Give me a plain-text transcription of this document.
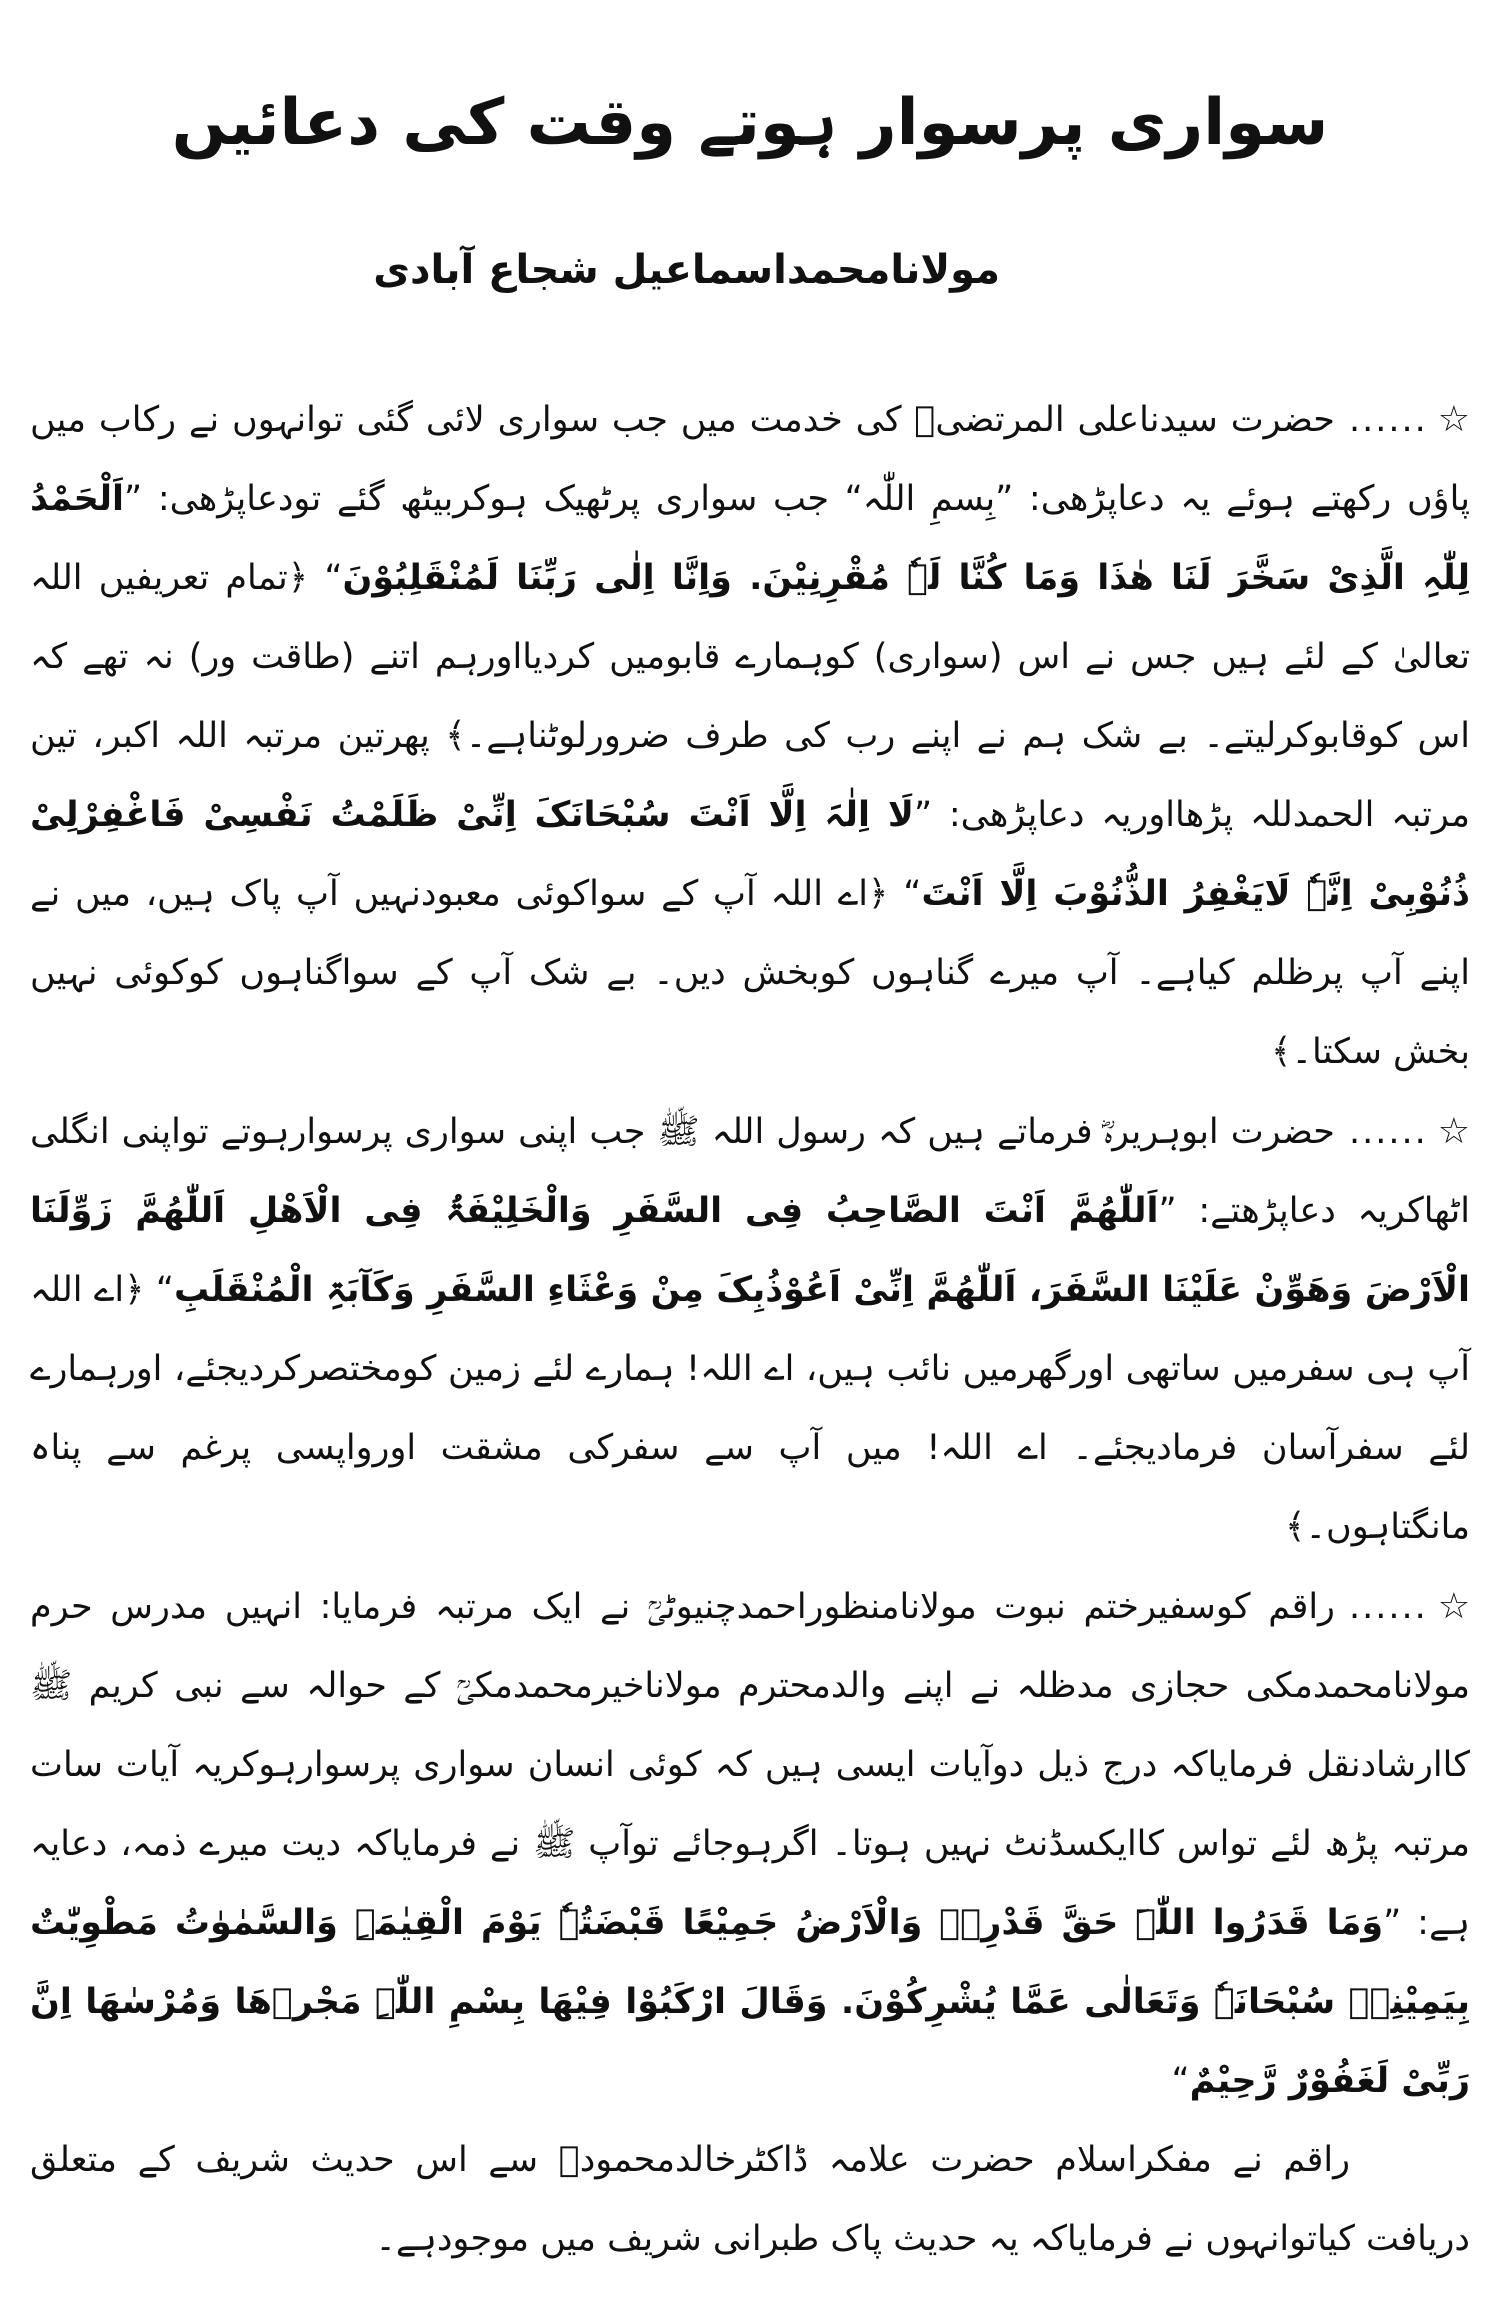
سواری پرسوار ہوتے وقت کی دعائیں
مولانامحمداسماعیل شجاع آبادی

☆......حضرت سیدناعلی المرتضیؓ کی خدمت میں جب سواری لائی گئی توانہوں نے رکاب میں پاؤں رکھتے ہوئے یہ دعاپڑھی: ”بِسمِ اللّٰہ“ جب سواری پرٹھیک ہوکربیٹھ گئے تودعاپڑھی: ”اَلْحَمْدُ لِلّٰہِ الَّذِیْ سَخَّرَ لَنَا ھٰذَا وَمَا کُنَّا لَہٗ مُقْرِنِیْنَ. وَاِنَّا اِلٰی رَبِّنَا لَمُنْقَلِبُوْنَ“ ﴿تمام تعریفیں اللہ تعالیٰ کے لئے ہیں جس نے اس (سواری) کوہمارے قابومیں کردیااورہم اتنے (طاقت ور) نہ تھے کہ اس کوقابوکرلیتے۔ بے شک ہم نے اپنے رب کی طرف ضرورلوٹناہے۔﴾ پھرتین مرتبہ اللہ اکبر، تین مرتبہ الحمدللہ پڑھااوریہ دعاپڑھی: ”لَا اِلٰہَ اِلَّا اَنْتَ سُبْحَانَکَ اِنِّیْ ظَلَمْتُ نَفْسِیْ فَاغْفِرْلِیْ ذُنُوْبِیْ اِنَّہٗ لَایَغْفِرُ الذُّنُوْبَ اِلَّا اَنْتَ“ ﴿اے اللہ آپ کے سواکوئی معبودنہیں آپ پاک ہیں، میں نے اپنے آپ پرظلم کیاہے۔ آپ میرے گناہوں کوبخش دیں۔ بے شک آپ کے سواگناہوں کوکوئی نہیں بخش سکتا۔﴾

☆......حضرت ابوہریرہؓ فرماتے ہیں کہ رسول اللہ ﷺ جب اپنی سواری پرسوارہوتے تواپنی انگلی اٹھاکریہ دعاپڑھتے: ”اَللّٰھُمَّ اَنْتَ الصَّاحِبُ فِی السَّفَرِ وَالْخَلِیْفَۃُ فِی الْاَھْلِ اَللّٰھُمَّ زَوِّلَنَا الْاَرْضَ وَھَوِّنْ عَلَیْنَا السَّفَرَ، اَللّٰھُمَّ اِنِّیْ اَعُوْذُبِکَ مِنْ وَعْثَاءِ السَّفَرِ وَکَآبَۃِ الْمُنْقَلَبِ“ ﴿اے اللہ آپ ہی سفرمیں ساتھی اورگھرمیں نائب ہیں، اے اللہ! ہمارے لئے زمین کومختصرکردیجئے، اورہمارے لئے سفرآسان فرمادیجئے۔ اے اللہ! میں آپ سے سفرکی مشقت اورواپسی پرغم سے پناہ مانگتاہوں۔﴾

☆......راقم کوسفیرختم نبوت مولانامنظوراحمدچنیوٹیؒ نے ایک مرتبہ فرمایا: انہیں مدرس حرم مولانامحمدمکی حجازی مدظلہ نے اپنے والدمحترم مولاناخیرمحمدمکیؒ کے حوالہ سے نبی کریم ﷺ کاارشادنقل فرمایاکہ درج ذیل دوآیات ایسی ہیں کہ کوئی انسان سواری پرسوارہوکریہ آیات سات مرتبہ پڑھ لئے تواس کاایکسڈنٹ نہیں ہوتا۔ اگرہوجائے توآپ ﷺ نے فرمایاکہ دیت میرے ذمہ، دعایہ ہے: ”وَمَا قَدَرُوا اللّٰہَ حَقَّ قَدْرِہٖ وَالْاَرْضُ جَمِیْعًا قَبْضَتُہٗ یَوْمَ الْقِیٰمَۃِ وَالسَّمٰوٰتُ مَطْوِیّٰتٌ بِیَمِیْنِہٖ سُبْحَانَہٗ وَتَعَالٰی عَمَّا یُشْرِکُوْنَ. وَقَالَ ارْکَبُوْا فِیْھَا بِسْمِ اللّٰہِ مَجْرٖھَا وَمُرْسٰھَا اِنَّ رَبِّیْ لَغَفُوْرٌ رَّحِیْمٌ“

راقم نے مفکراسلام حضرت علامہ ڈاکٹرخالدمحمودؒ سے اس حدیث شریف کے متعلق دریافت کیاتوانہوں نے فرمایاکہ یہ حدیث پاک طبرانی شریف میں موجودہے۔
